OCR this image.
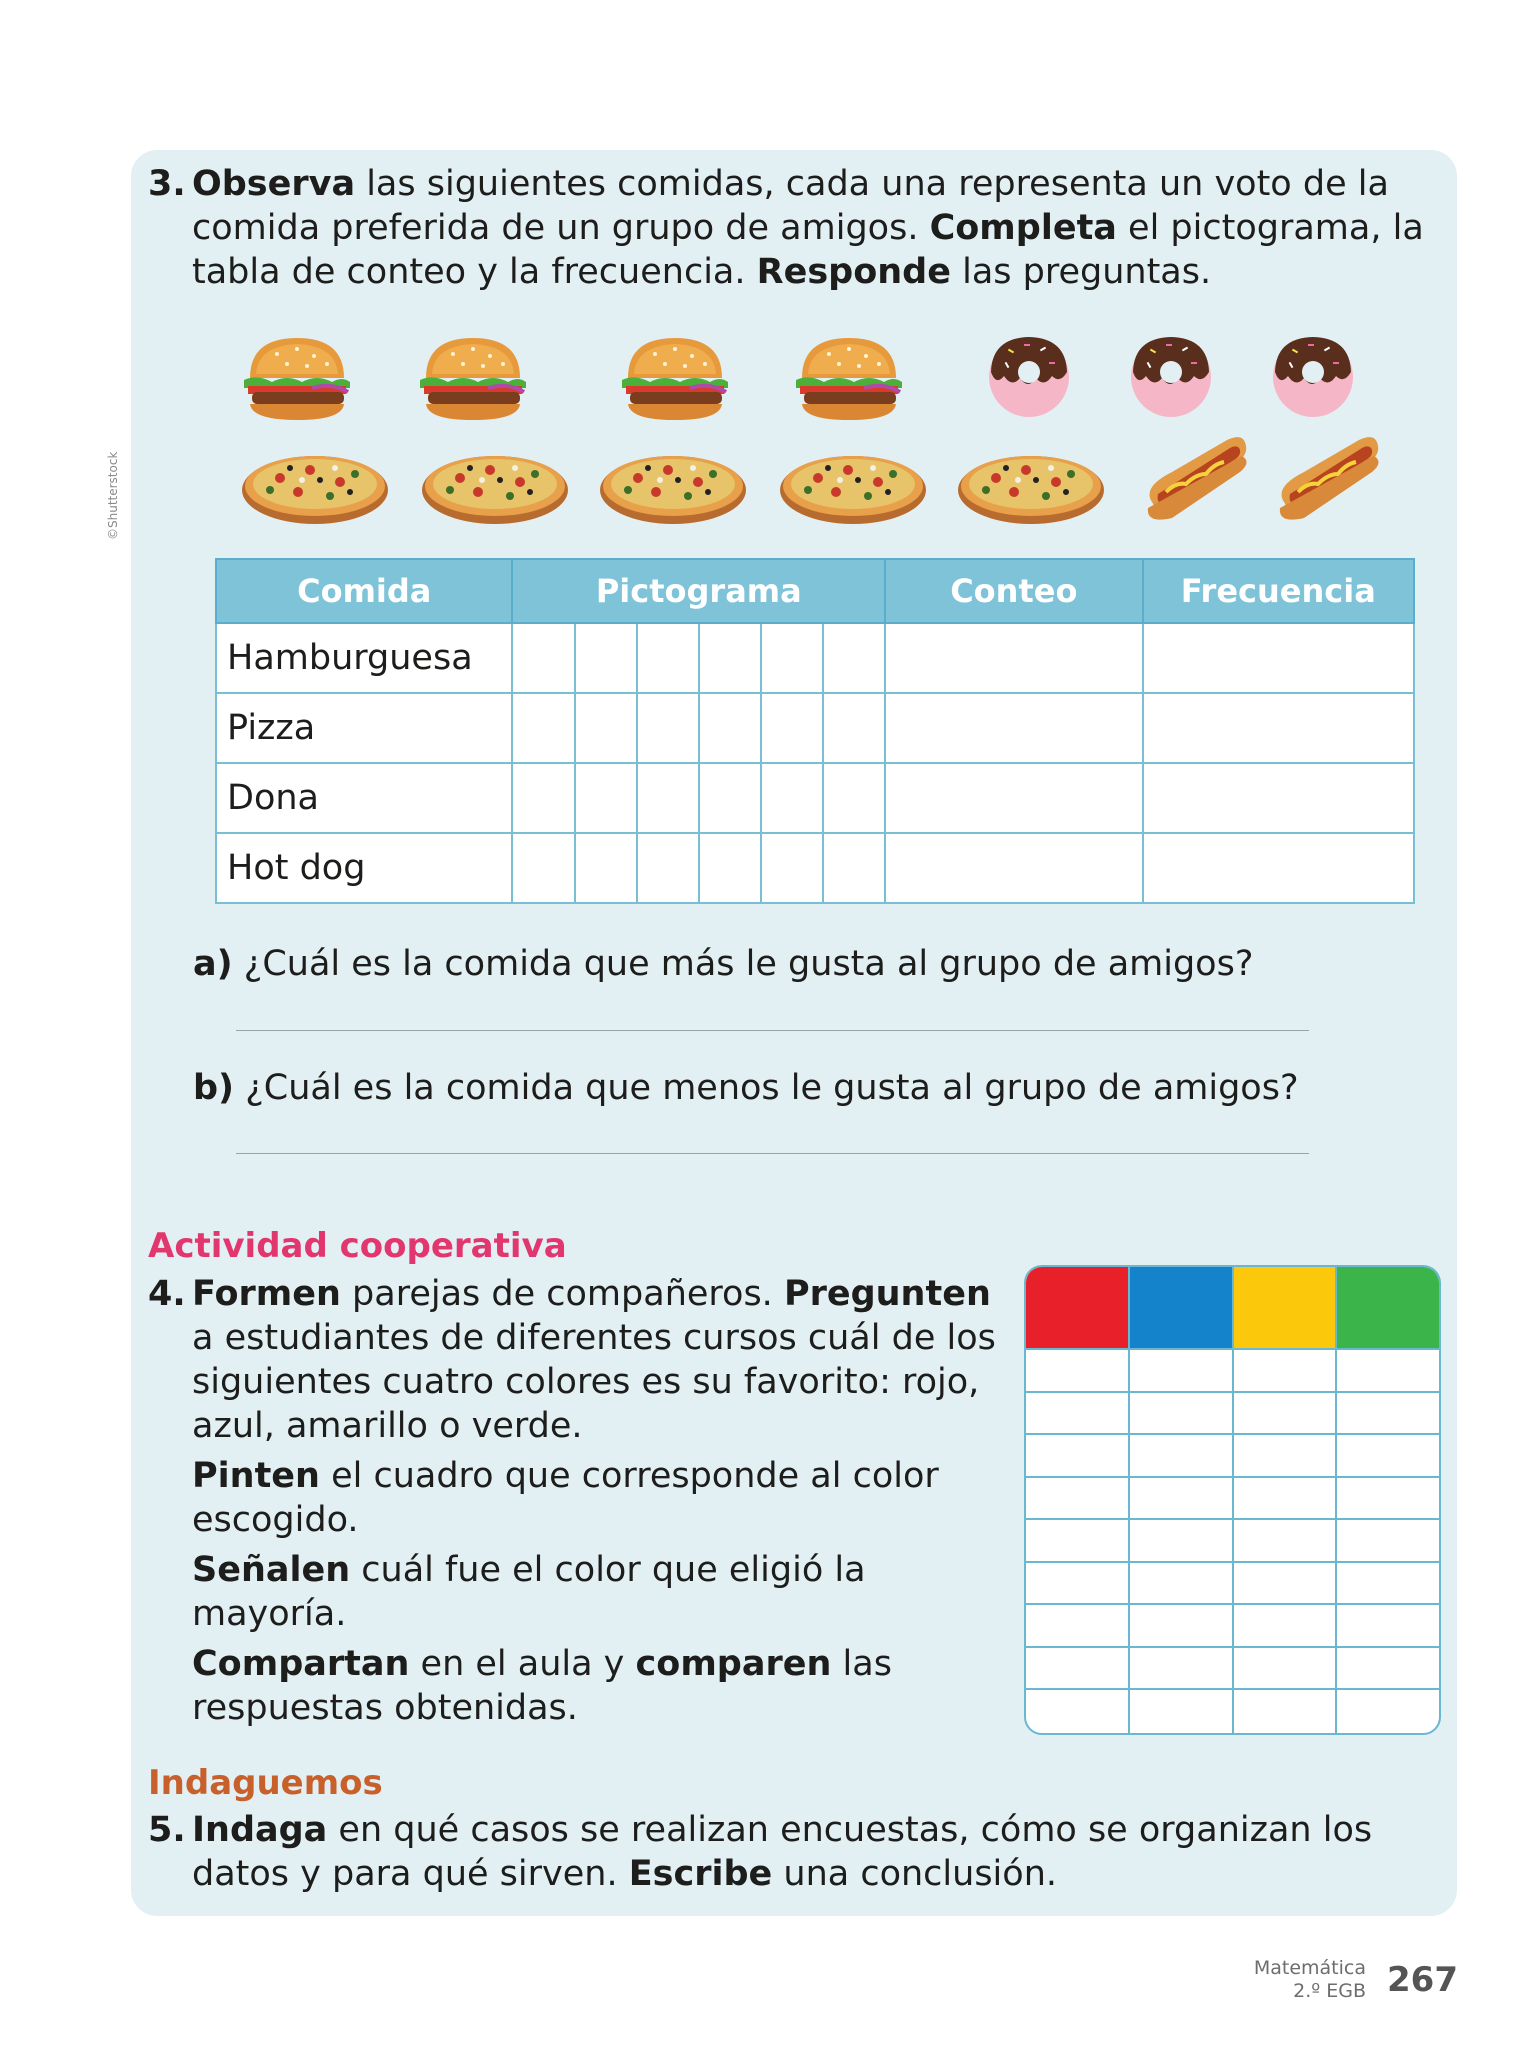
©Shutterstock
3. Observa las siguientes comidas, cada una representa un voto de la comida preferida de un grupo de amigos. Completa el pictograma, la tabla de conteo y la frecuencia. Responde las preguntas.

Comida	Pictograma						Conteo	Frecuencia
Hamburguesa								
Pizza								
Dona								
Hot dog								
a) ¿Cuál es la comida que más le gusta al grupo de amigos?
b) ¿Cuál es la comida que menos le gusta al grupo de amigos?
Actividad cooperativa
4. Formen parejas de compañeros. Pregunten a estudiantes de diferentes cursos cuál de los siguientes cuatro colores es su favorito: rojo, azul, amarillo o verde.

Pinten el cuadro que corresponde al color escogido.

Señalen cuál fue el color que eligió la mayoría.

Compartan en el aula y comparen las respuestas obtenidas.

Indaguemos
5. Indaga en qué casos se realizan encuestas, cómo se organizan los datos y para qué sirven. Escribe una conclusión.

Matemática
2.º EGB 267
